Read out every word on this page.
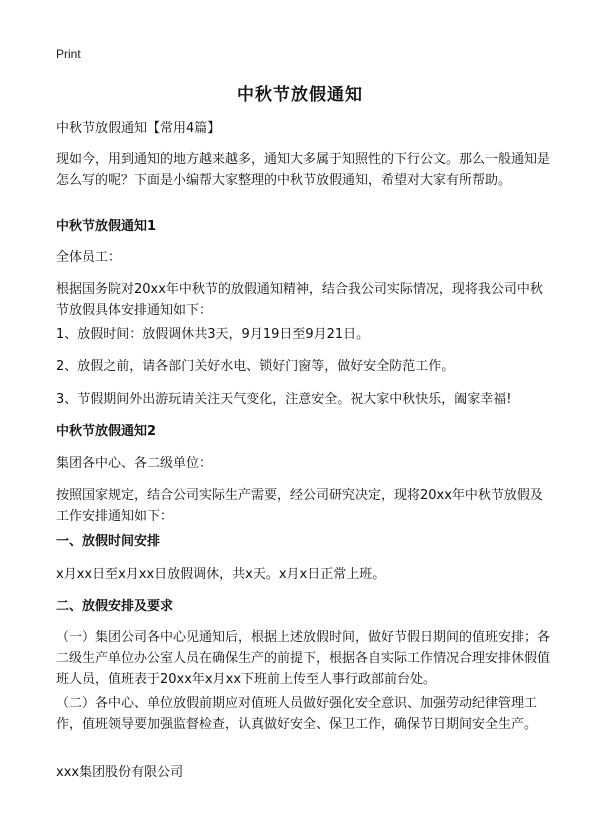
Print
中秋节放假通知

中秋节放假通知【常用4篇】

现如今，用到通知的地方越来越多，通知大多属于知照性的下行公文。那么一般通知是怎么写的呢？下面是小编帮大家整理的中秋节放假通知，希望对大家有所帮助。

中秋节放假通知1

全体员工：

根据国务院对20xx年中秋节的放假通知精神，结合我公司实际情况，现将我公司中秋节放假具体安排通知如下：

1、放假时间：放假调休共3天，9月19日至9月21日。

2、放假之前，请各部门关好水电、锁好门窗等，做好安全防范工作。

3、节假期间外出游玩请关注天气变化，注意安全。祝大家中秋快乐，阖家幸福!

中秋节放假通知2

集团各中心、各二级单位：

按照国家规定，结合公司实际生产需要，经公司研究决定，现将20xx年中秋节放假及工作安排通知如下：

一、放假时间安排

x月xx日至x月xx日放假调休，共x天。x月x日正常上班。

二、放假安排及要求

（一）集团公司各中心见通知后，根据上述放假时间，做好节假日期间的值班安排；各二级生产单位办公室人员在确保生产的前提下，根据各自实际工作情况合理安排休假值班人员，值班表于20xx年x月xx下班前上传至人事行政部前台处。

（二）各中心、单位放假前期应对值班人员做好强化安全意识、加强劳动纪律管理工作，值班领导要加强监督检查，认真做好安全、保卫工作，确保节日期间安全生产。

xxx集团股份有限公司
